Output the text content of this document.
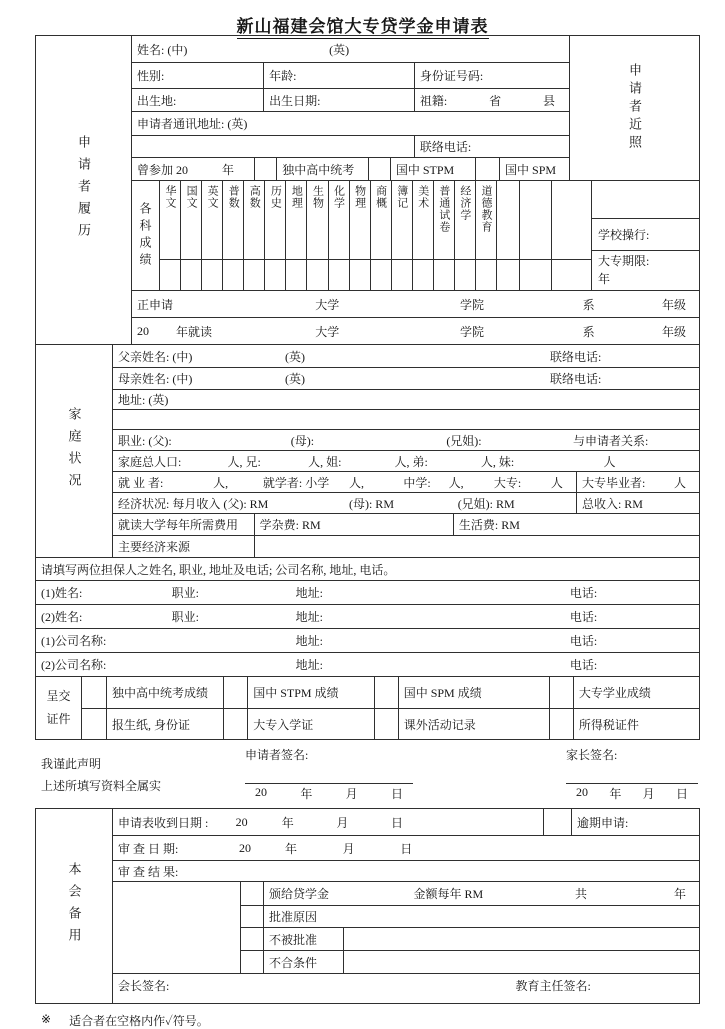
新山福建会馆大专贷学金申请表
申请者履历
姓名: (中)	(英)
性别:	年龄:	身份证号码:
出生地:	出生日期:	祖籍:	省	县
申请者通讯地址: (英)
联络电话:
曾参加 20	年	独中高中统考	国中 STPM	国中 SPM
申请者近照
各科成绩
华文 国文 英文 普数 高数 历史 地理 生物 化学 物理 商概 簿记 美术 普通试卷 经济学 道德教育
学校操行:
大专期限:
年
正申请	大学	学院	系	年级
20	年就读	大学	学院	系	年级
家庭状况
父亲姓名: (中)	(英)	联络电话:
母亲姓名: (中)	(英)	联络电话:
地址: (英)
职业: (父):	(母):	(兄姐):	与申请者关系:
家庭总人口:	人, 兄:	人, 姐:	人, 弟:	人, 妹:	人
就 业 者:	人,	就学者: 小学	人,	中学:	人,	大专:	人	大专毕业者: 人
经济状况: 每月收入 (父): RM	(母): RM	(兄姐): RM	总收入: RM
就读大学每年所需费用 学杂费: RM	生活费: RM
主要经济来源
请填写两位担保人之姓名, 职业, 地址及电话; 公司名称, 地址, 电话。
(1)姓名:	职业:	地址:	电话:
(2)姓名:	职业:	地址:	电话:
(1)公司名称:	地址:	电话:
(2)公司名称:	地址:	电话:
呈交证件
独中高中统考成绩	国中 STPM 成绩	国中 SPM 成绩	大专学业成绩
报生纸, 身份证	大专入学证	课外活动记录	所得税证件
我谨此声明
上述所填写资料全属实
申请者签名:
20	年	月	日
家长签名:
20 年 月 日
本会备用
申请表收到日期 :	20	年	月	日	逾期申请:
审 查 日 期:	20	年	月	日
审 查 结 果:
颁给贷学金	金额每年 RM	共	年
批准原因
不被批准
不合条件
会长签名:	教育主任签名:
※ 适合者在空格内作✓符号。
